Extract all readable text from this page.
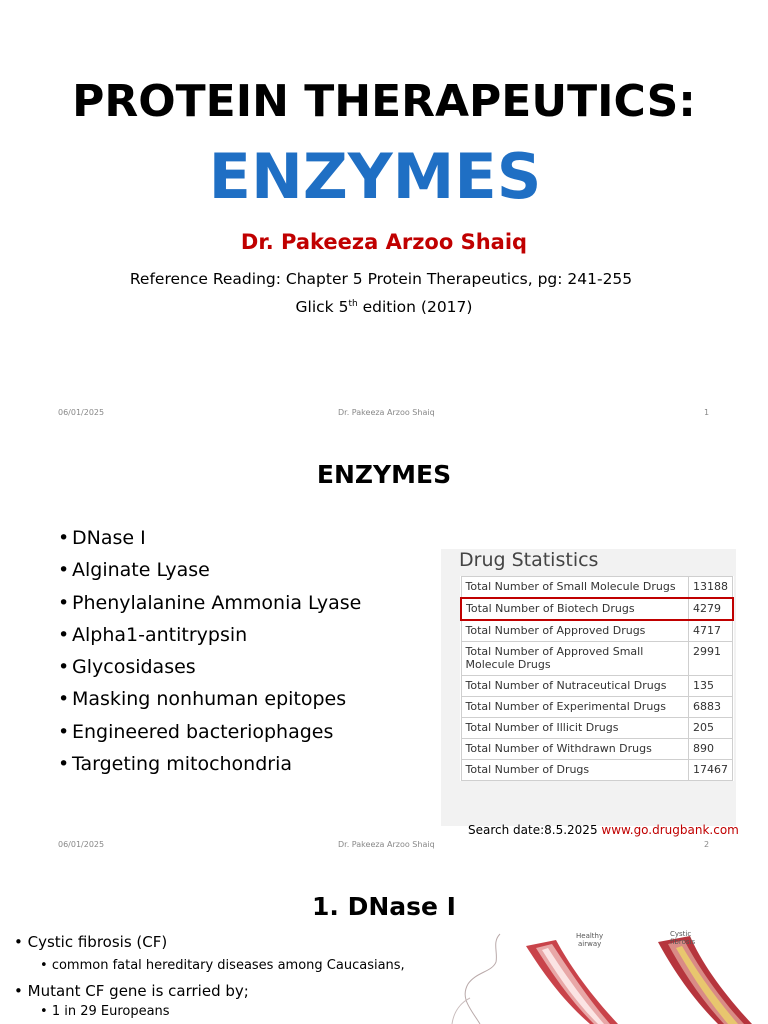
PROTEIN THERAPEUTICS:
ENZYMES
Dr. Pakeeza Arzoo Shaiq
Reference Reading: Chapter 5 Protein Therapeutics, pg: 241-255
Glick 5th edition (2017)
06/01/2025	Dr. Pakeeza Arzoo Shaiq	1
ENZYMES
• DNase I
• Alginate Lyase
• Phenylalanine Ammonia Lyase
• Alpha1-antitrypsin
• Glycosidases
• Masking nonhuman epitopes
• Engineered bacteriophages
• Targeting mitochondria
Drug Statistics
Total Number of Small Molecule Drugs	13188
Total Number of Biotech Drugs	4279
Total Number of Approved Drugs	4717
Total Number of Approved Small Molecule Drugs	2991
Total Number of Nutraceutical Drugs	135
Total Number of Experimental Drugs	6883
Total Number of Illicit Drugs	205
Total Number of Withdrawn Drugs	890
Total Number of Drugs	17467
Search date:8.5.2025 www.go.drugbank.com
06/01/2025	Dr. Pakeeza Arzoo Shaiq	2
1. DNase I
• Cystic fibrosis (CF)
• common fatal hereditary diseases among Caucasians,
• Mutant CF gene is carried by;
• 1 in 29 Europeans
Healthy
airway
Cystic
fibrosis
